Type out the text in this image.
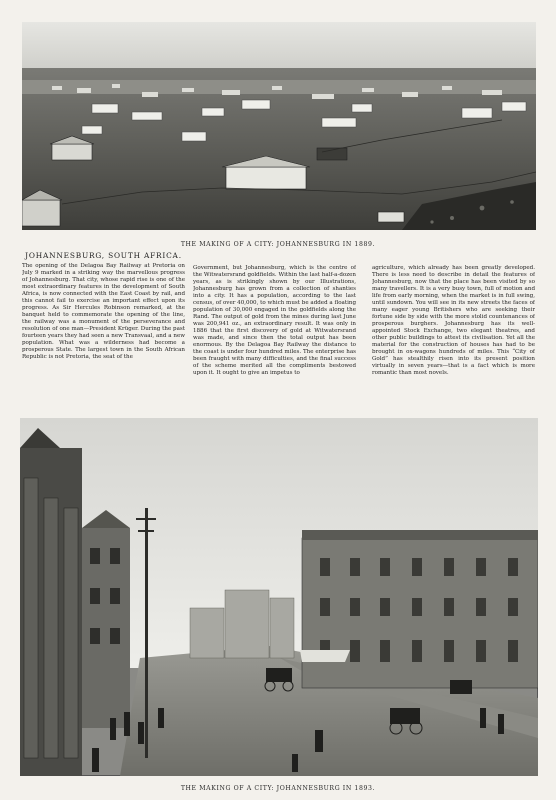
THE MAKING OF A CITY: JOHANNESBURG IN 1889.
JOHANNESBURG, SOUTH AFRICA.
The opening of the Delagoa Bay Railway at Pretoria on July 9 marked in a striking way the marvellous progress of Johannesburg. That city, whose rapid rise is one of the most extraordinary features in the development of South Africa, is now connected with the East Coast by rail, and this cannot fail to exercise an important effect upon its progress. As Sir Hercules Robinson remarked, at the banquet held to commemorate the opening of the line, the railway was a monument of the perseverance and resolution of one man—President Krüger. During the past fourteen years they had seen a new Transvaal, and a new population. What was a wilderness had become a prosperous State. The largest town in the South African Republic is not Pretoria, the seat of the
Government, but Johannesburg, which is the centre of the Witwatersrand goldfields. Within the last half-a-dozen years, as is strikingly shown by our Illustrations, Johannesburg has grown from a collection of shanties into a city. It has a population, according to the last census, of over 40,000, to which must be added a floating population of 30,000 engaged in the goldfields along the Rand. The output of gold from the mines during last June was 200,941 oz., an extraordinary result. It was only in 1886 that the first discovery of gold at Witwatersrand was made, and since then the total output has been enormous. By the Delagoa Bay Railway the distance to the coast is under four hundred miles. The enterprise has been fraught with many difficulties, and the final success of the scheme merited all the compliments bestowed upon it. It ought to give an impetus to
agriculture, which already has been greatly developed. There is less need to describe in detail the features of Johannesburg, now that the place has been visited by so many travellers. It is a very busy town, full of motion and life from early morning, when the market is in full swing, until sundown. You will see in its new streets the faces of many eager young Britishers who are seeking their fortune side by side with the more stolid countenances of prosperous burghers. Johannesburg has its well-appointed Stock Exchange, two elegant theatres, and other public buildings to attest its civilisation. Yet all the material for the construction of houses has had to be brought in ox-wagons hundreds of miles. This “City of Gold” has stealthily risen into its present position virtually in seven years—that is a fact which is more romantic than most novels.
THE MAKING OF A CITY: JOHANNESBURG IN 1893.
